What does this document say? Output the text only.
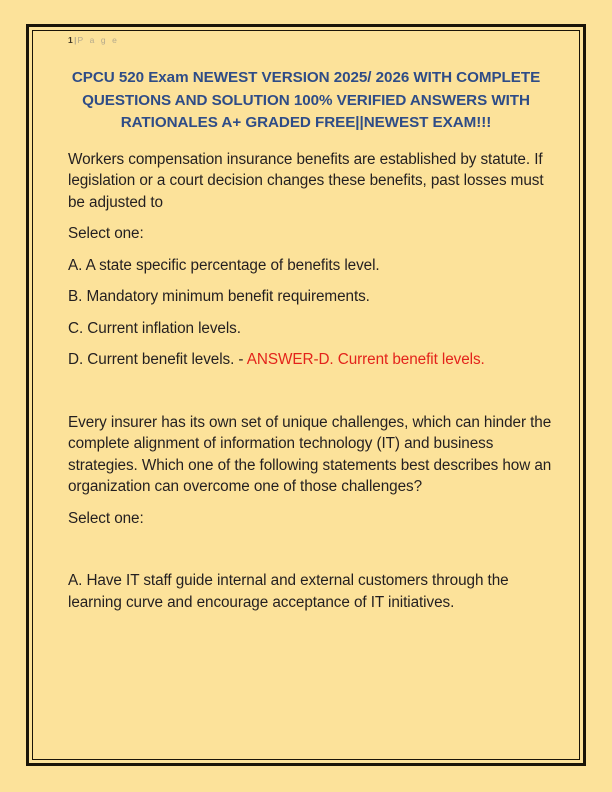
1|P a g e
CPCU 520 Exam NEWEST VERSION 2025/ 2026 WITH COMPLETE QUESTIONS AND SOLUTION 100% VERIFIED ANSWERS WITH RATIONALES A+ GRADED FREE||NEWEST EXAM!!!

Workers compensation insurance benefits are established by statute. If legislation or a court decision changes these benefits, past losses must be adjusted to

Select one:

A. A state specific percentage of benefits level.

B. Mandatory minimum benefit requirements.

C. Current inflation levels.

D. Current benefit levels. - ANSWER-D. Current benefit levels.

Every insurer has its own set of unique challenges, which can hinder the complete alignment of information technology (IT) and business strategies. Which one of the following statements best describes how an organization can overcome one of those challenges?

Select one:

A. Have IT staff guide internal and external customers through the learning curve and encourage acceptance of IT initiatives.
